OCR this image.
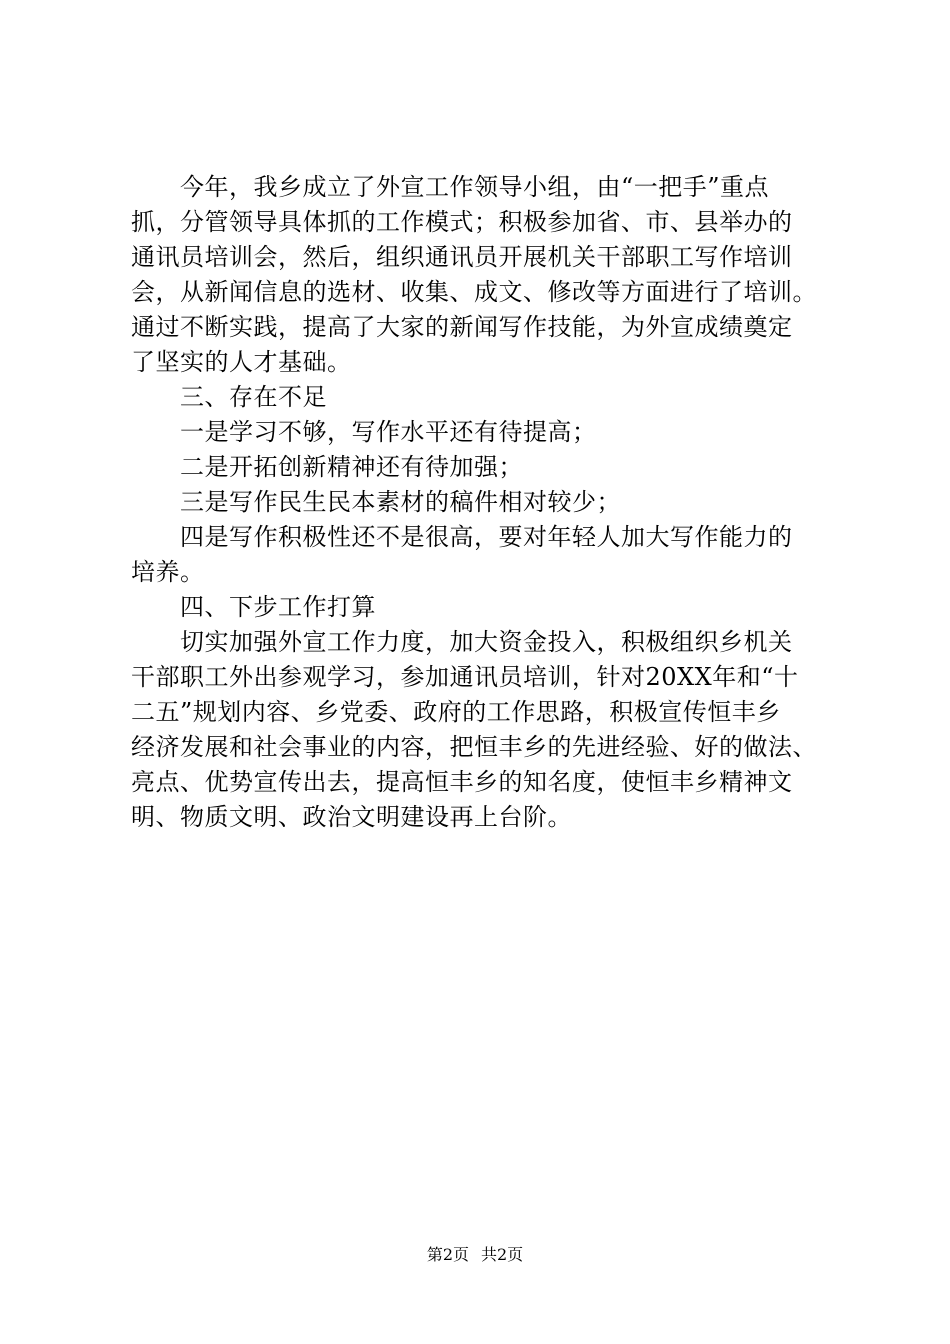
今年，我乡成立了外宣工作领导小组，由“一把手”重点
抓，分管领导具体抓的工作模式；积极参加省、市、县举办的
通讯员培训会，然后，组织通讯员开展机关干部职工写作培训
会，从新闻信息的选材、收集、成文、修改等方面进行了培训。
通过不断实践，提高了大家的新闻写作技能，为外宣成绩奠定
了坚实的人才基础。
三、存在不足
一是学习不够，写作水平还有待提高；
二是开拓创新精神还有待加强；
三是写作民生民本素材的稿件相对较少；
四是写作积极性还不是很高，要对年轻人加大写作能力的
培养。
四、下步工作打算
切实加强外宣工作力度，加大资金投入，积极组织乡机关
干部职工外出参观学习，参加通讯员培训，针对20XX年和“十
二五”规划内容、乡党委、政府的工作思路，积极宣传恒丰乡
经济发展和社会事业的内容，把恒丰乡的先进经验、好的做法、
亮点、优势宣传出去，提高恒丰乡的知名度，使恒丰乡精神文
明、物质文明、政治文明建设再上台阶。
第2页 共2页
